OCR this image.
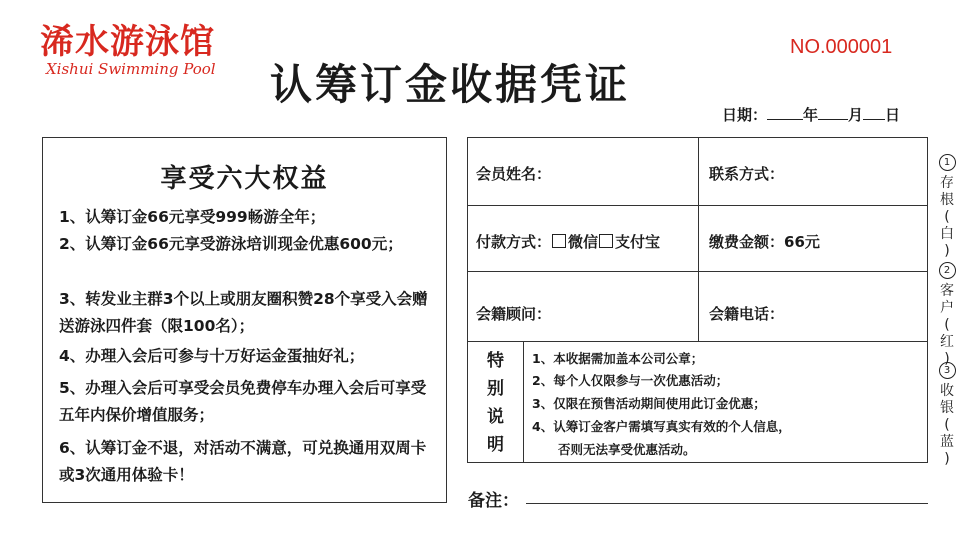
浠水游泳馆
Xishui Swimming Pool 认筹订金收据凭证
NO.000001
日期： 年 月 日
享受六大权益
1、认筹订金66元享受999畅游全年；
2、认筹订金66元享受游泳培训现金优惠600元；
3、转发业主群3个以上或朋友圈积赞28个享受入会赠送游泳四件套（限100名）；
4、办理入会后可参与十万好运金蛋抽好礼；
5、办理入会后可享受会员免费停车办理入会后可享受五年内保价增值服务；
6、认筹订金不退，对活动不满意，可兑换通用双周卡或3次通用体验卡！
会员姓名：	联系方式：
付款方式： 微信 支付宝	缴费金额：66元
会籍顾问：	会籍电话：
特
别
说
明
1、本收据需加盖本公司公章；
2、每个人仅限参与一次优惠活动；
3、仅限在预售活动期间使用此订金优惠；
4、认筹订金客户需填写真实有效的个人信息，
否则无法享受优惠活动。
备注：
1
存
根
(
白
)
2
客
户
(
红
)
3
收
银
(
蓝
)
